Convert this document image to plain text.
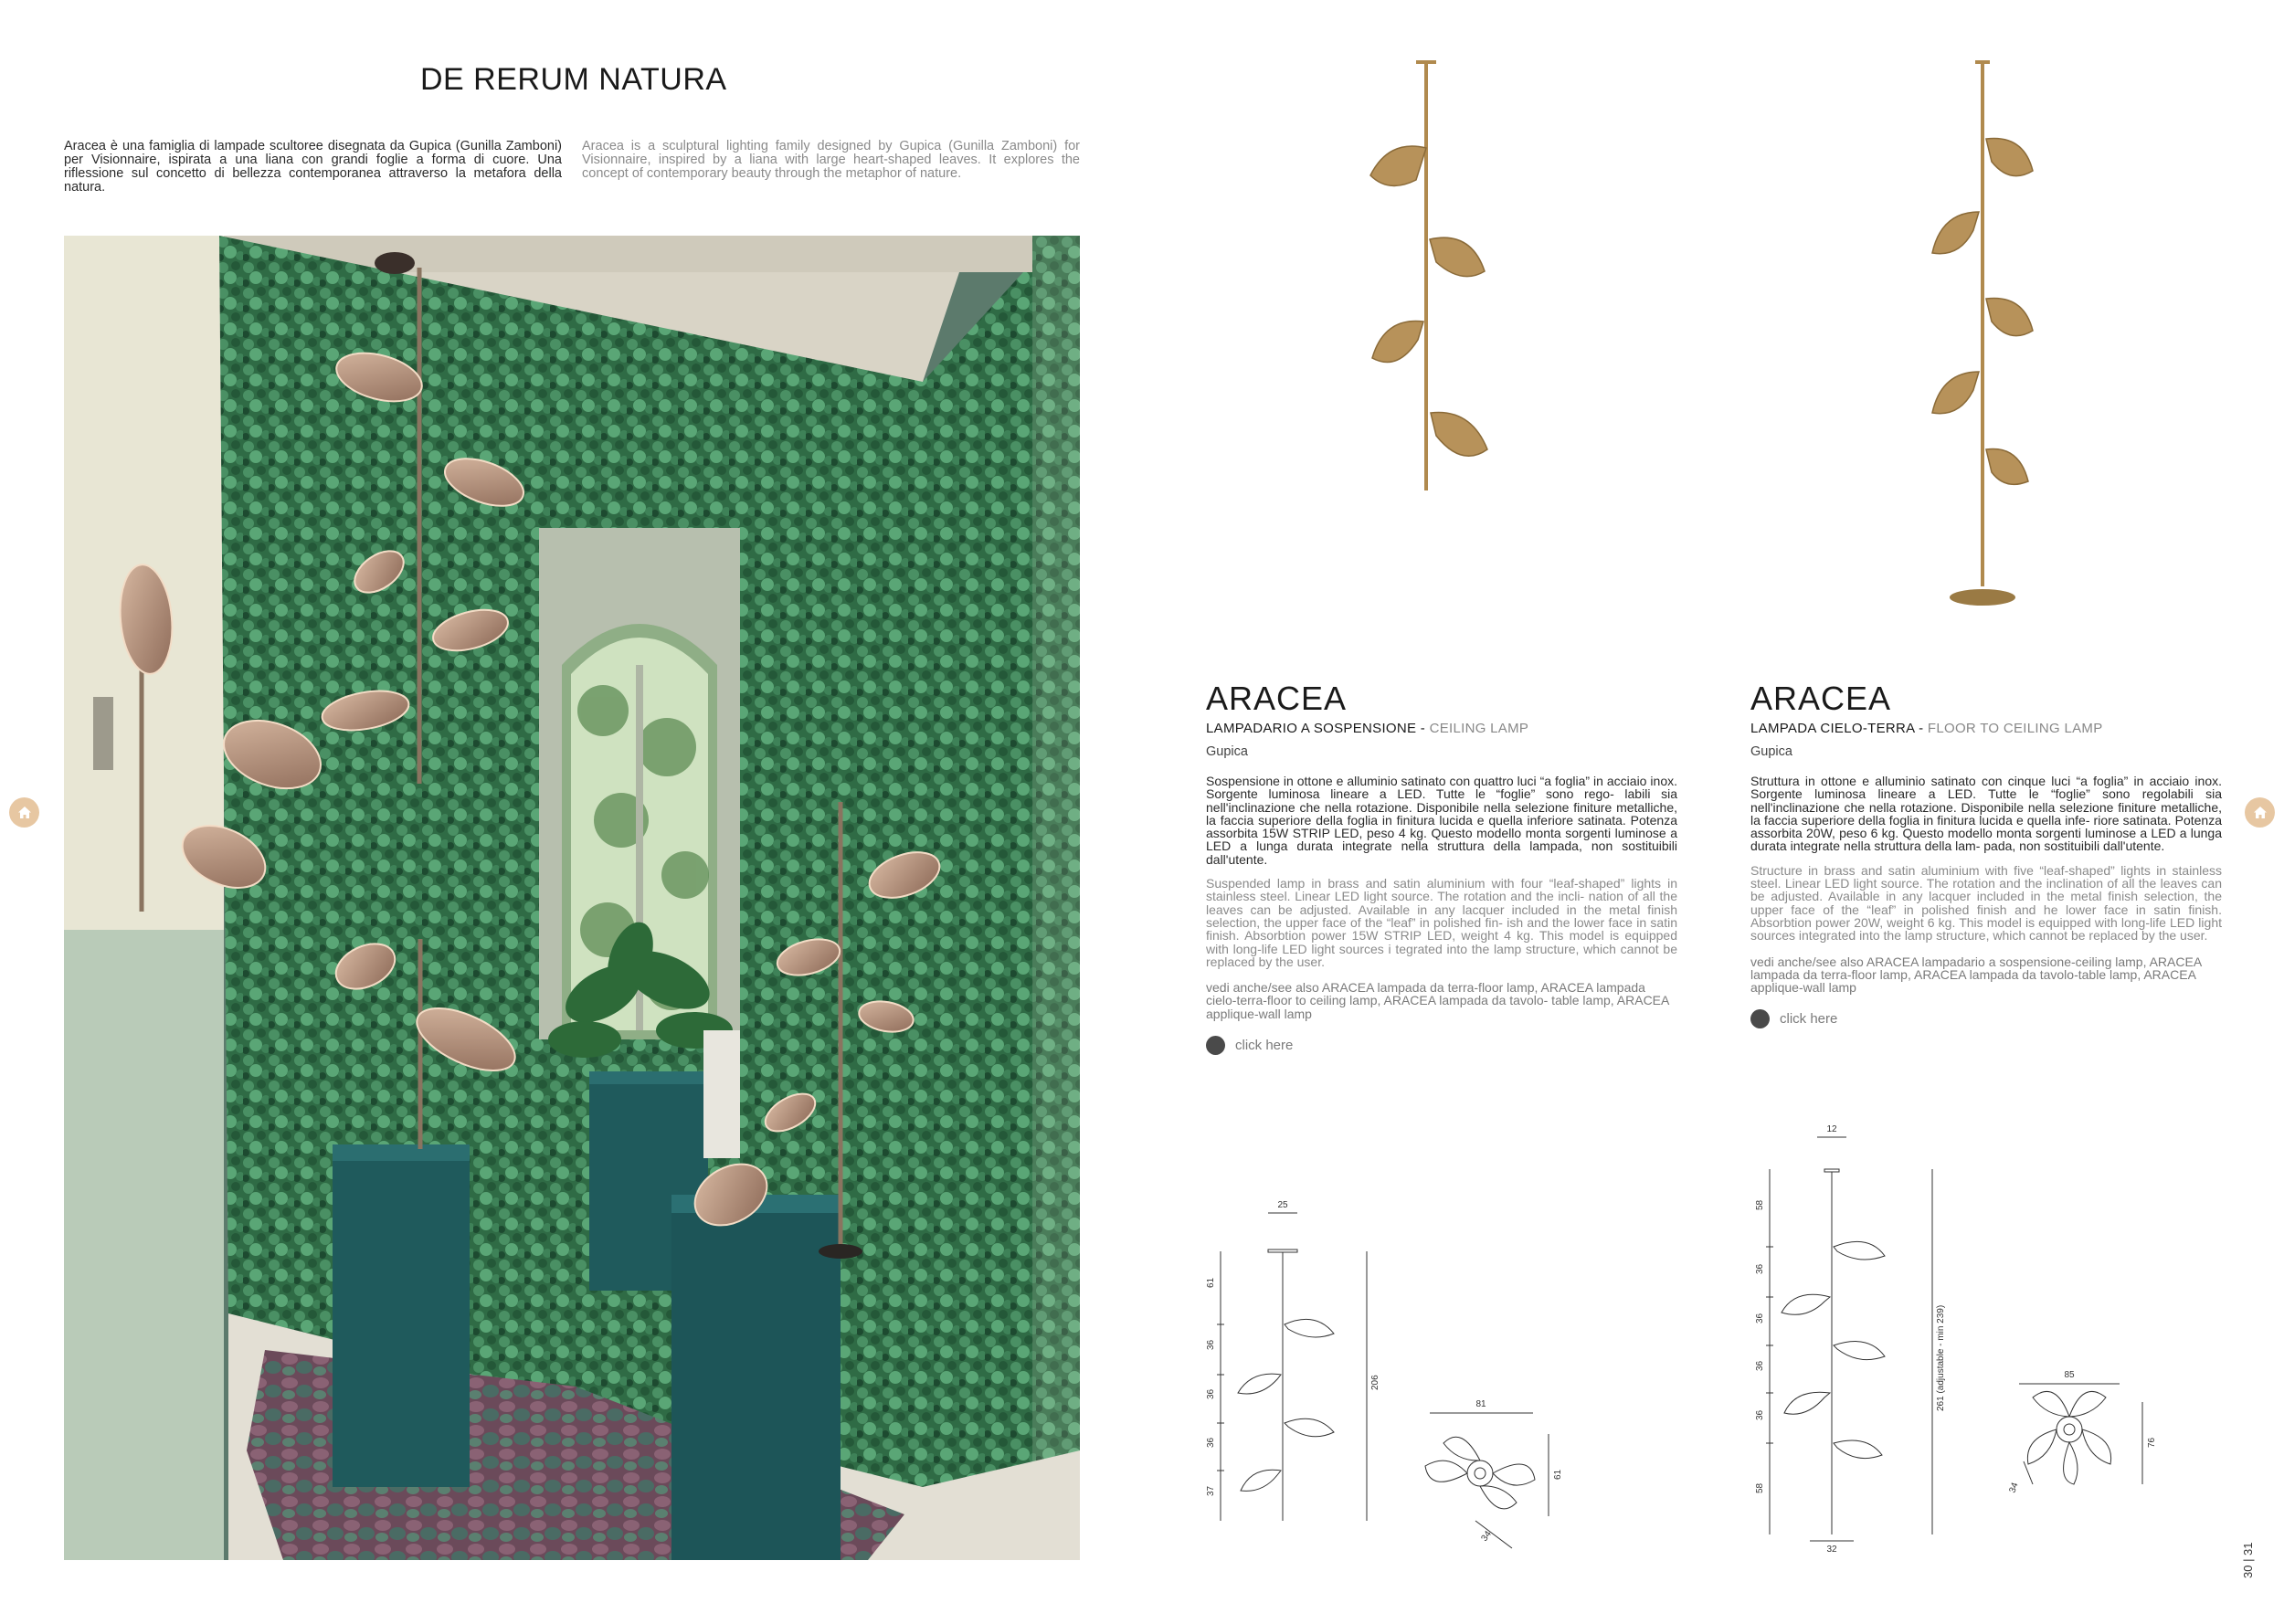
DE RERUM NATURA

Aracea è una famiglia di lampade scultoree disegnata da Gupica (Gunilla Zamboni) per Visionnaire, ispirata a una liana con grandi foglie a forma di cuore. Una riflessione sul concetto di bellezza contemporanea attraverso la metafora della natura.

Aracea is a sculptural lighting family designed by Gupica (Gunilla Zamboni) for Visionnaire, inspired by a liana with large heart-shaped leaves. It explores the concept of contemporary beauty through the metaphor of nature.

ARACEA
LAMPADARIO A SOSPENSIONE - CEILING LAMP
Gupica

Sospensione in ottone e alluminio satinato con quattro luci “a foglia” in acciaio inox. Sorgente luminosa lineare a LED. Tutte le “foglie” sono rego- labili sia nell'inclinazione che nella rotazione. Disponibile nella selezione finiture metalliche, la faccia superiore della foglia in finitura lucida e quella inferiore satinata. Potenza assorbita 15W STRIP LED, peso 4 kg. Questo modello monta sorgenti luminose a LED a lunga durata integrate nella struttura della lampada, non sostituibili dall'utente.

Suspended lamp in brass and satin aluminium with four “leaf-shaped” lights in stainless steel. Linear LED light source. The rotation and the incli- nation of all the leaves can be adjusted. Available in any lacquer included in the metal finish selection, the upper face of the “leaf” in polished fin- ish and the lower face in satin finish. Absorbtion power 15W STRIP LED, weight 4 kg. This model is equipped with long-life LED light sources i tegrated into the lamp structure, which cannot be replaced by the user.

vedi anche/see also ARACEA lampada da terra-floor lamp, ARACEA lampada cielo-terra-floor to ceiling lamp, ARACEA lampada da tavolo- table lamp, ARACEA applique-wall lamp

click here
ARACEA
LAMPADA CIELO-TERRA - FLOOR TO CEILING LAMP
Gupica

Struttura in ottone e alluminio satinato con cinque luci “a foglia” in acciaio inox. Sorgente luminosa lineare a LED. Tutte le “foglie” sono regolabili sia nell'inclinazione che nella rotazione. Disponibile nella selezione finiture metalliche, la faccia superiore della foglia in finitura lucida e quella infe- riore satinata. Potenza assorbita 20W, peso 6 kg. Questo modello monta sorgenti luminose a LED a lunga durata integrate nella struttura della lam- pada, non sostituibili dall'utente.

Structure in brass and satin aluminium with five “leaf-shaped” lights in stainless steel. Linear LED light source. The rotation and the inclination of all the leaves can be adjusted. Available in any lacquer included in the metal finish selection, the upper face of the “leaf” in polished finish and he lower face in satin finish. Absorbtion power 20W, weight 6 kg. This model is equipped with long-life LED light sources integrated into the lamp structure, which cannot be replaced by the user.

vedi anche/see also ARACEA lampadario a sospensione-ceiling lamp, ARACEA lampada da terra-floor lamp, ARACEA lampada da tavolo-table lamp, ARACEA applique-wall lamp

click here
25
61
36
36
36
37
206
81
61
34
12
58
36
36
36
36
58
261 (adjustable - min 239)
32
85
76
34
30 | 31
